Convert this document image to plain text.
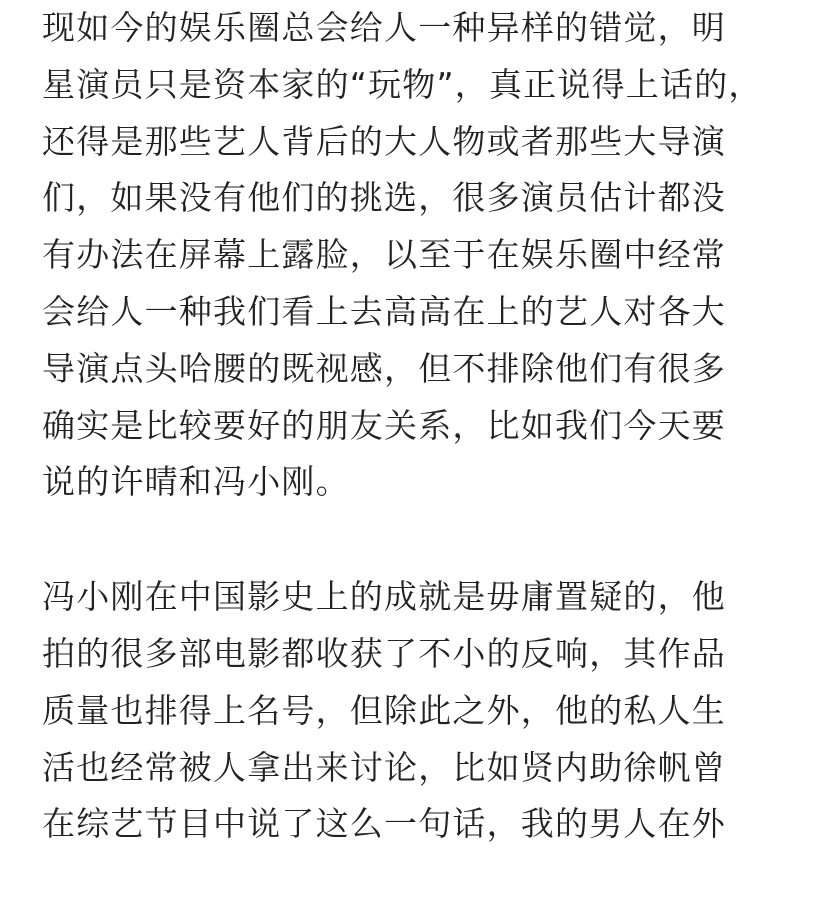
现如今的娱乐圈总会给人一种异样的错觉，明
星演员只是资本家的“玩物”，真正说得上话的，
还得是那些艺人背后的大人物或者那些大导演
们，如果没有他们的挑选，很多演员估计都没
有办法在屏幕上露脸，以至于在娱乐圈中经常
会给人一种我们看上去高高在上的艺人对各大
导演点头哈腰的既视感，但不排除他们有很多
确实是比较要好的朋友关系，比如我们今天要
说的许晴和冯小刚。

冯小刚在中国影史上的成就是毋庸置疑的，他
拍的很多部电影都收获了不小的反响，其作品
质量也排得上名号，但除此之外，他的私人生
活也经常被人拿出来讨论，比如贤内助徐帆曾
在综艺节目中说了这么一句话，我的男人在外
